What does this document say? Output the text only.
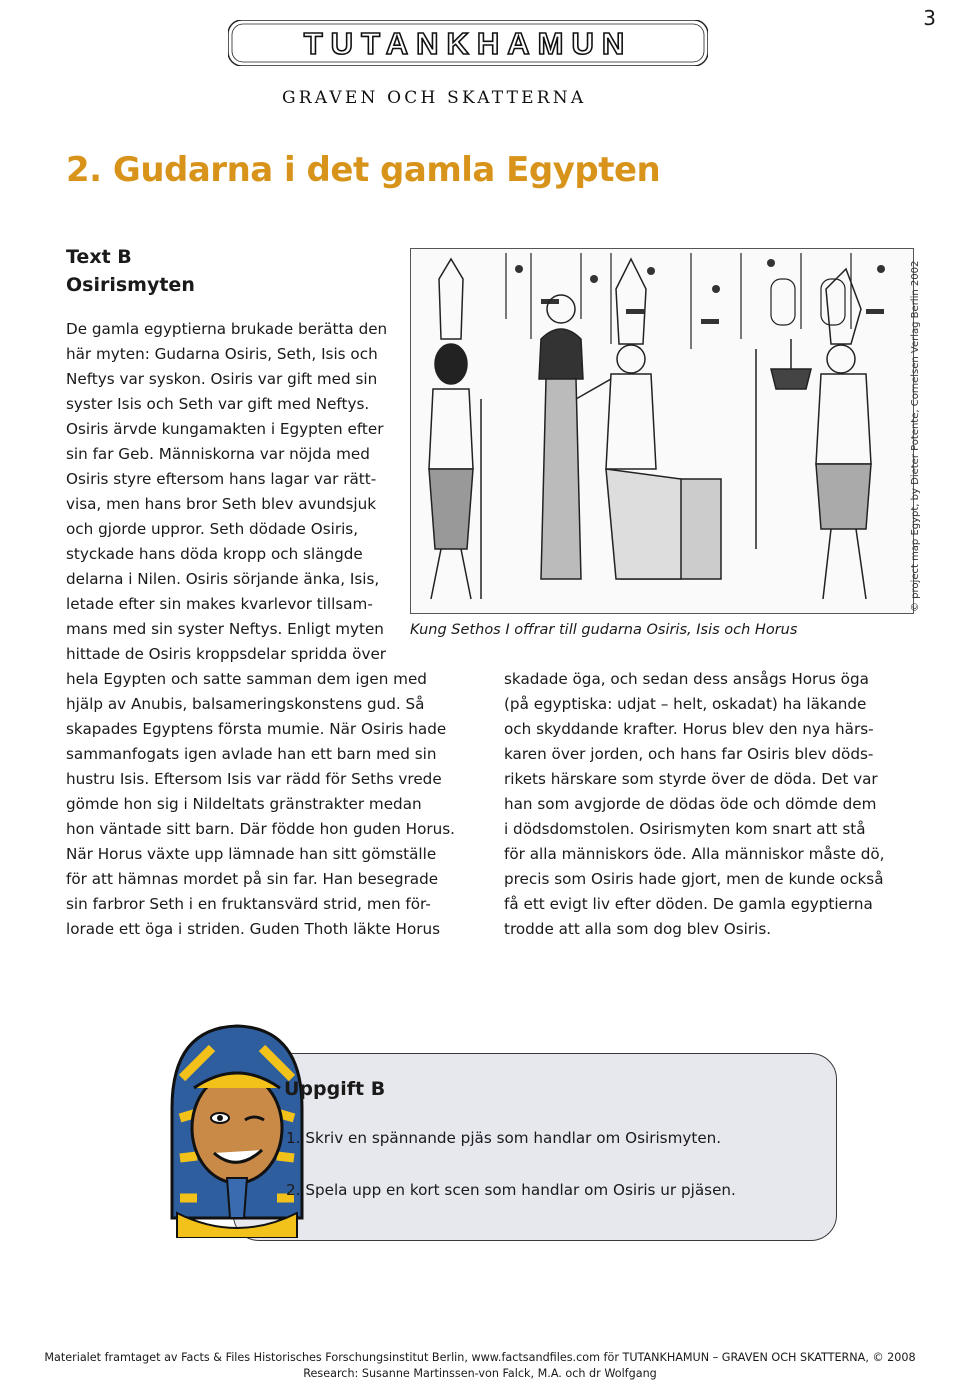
3
TUTANKHAMUN
GRAVEN OCH SKATTERNA
2. Gudarna i det gamla Egypten
Text B
Osirismyten
De gamla egyptierna brukade berätta den
här myten: Gudarna Osiris, Seth, Isis och
Neftys var syskon. Osiris var gift med sin
syster Isis och Seth var gift med Neftys.
Osiris ärvde kungamakten i Egypten efter
sin far Geb. Människorna var nöjda med
Osiris styre eftersom hans lagar var rätt-
visa, men hans bror Seth blev avundsjuk
och gjorde uppror. Seth dödade Osiris,
styckade hans döda kropp och slängde
delarna i Nilen. Osiris sörjande änka, Isis,
letade efter sin makes kvarlevor tillsam-
mans med sin syster Neftys. Enligt myten
hittade de Osiris kroppsdelar spridda över
hela Egypten och satte samman dem igen med
hjälp av Anubis, balsameringskonstens gud. Så
skapades Egyptens första mumie. När Osiris hade
sammanfogats igen avlade han ett barn med sin
hustru Isis. Eftersom Isis var rädd för Seths vrede
gömde hon sig i Nildeltats gränstrakter medan
hon väntade sitt barn. Där födde hon guden Horus.
När Horus växte upp lämnade han sitt gömställe
för att hämnas mordet på sin far. Han besegrade
sin farbror Seth i en fruktansvärd strid, men för-
lorade ett öga i striden. Guden Thoth läkte Horus
Kung Sethos I offrar till gudarna Osiris, Isis och Horus
© project map Egypt, by Dieter Potente, Cornelsen Verlag Berlin 2002
skadade öga, och sedan dess ansågs Horus öga
(på egyptiska: udjat – helt, oskadat) ha läkande
och skyddande krafter. Horus blev den nya härs-
karen över jorden, och hans far Osiris blev döds-
rikets härskare som styrde över de döda. Det var
han som avgjorde de dödas öde och dömde dem
i dödsdomstolen. Osirismyten kom snart att stå
för alla människors öde. Alla människor måste dö,
precis som Osiris hade gjort, men de kunde också
få ett evigt liv efter döden. De gamla egyptierna
trodde att alla som dog blev Osiris.
Uppgift B
1. Skriv en spännande pjäs som handlar om Osirismyten.
2. Spela upp en kort scen som handlar om Osiris ur pjäsen.
Materialet framtaget av Facts & Files Historisches Forschungsinstitut Berlin, www.factsandfiles.com för TUTANKHAMUN – GRAVEN OCH SKATTERNA, © 2008
Research: Susanne Martinssen-von Falck, M.A. och dr Wolfgang
